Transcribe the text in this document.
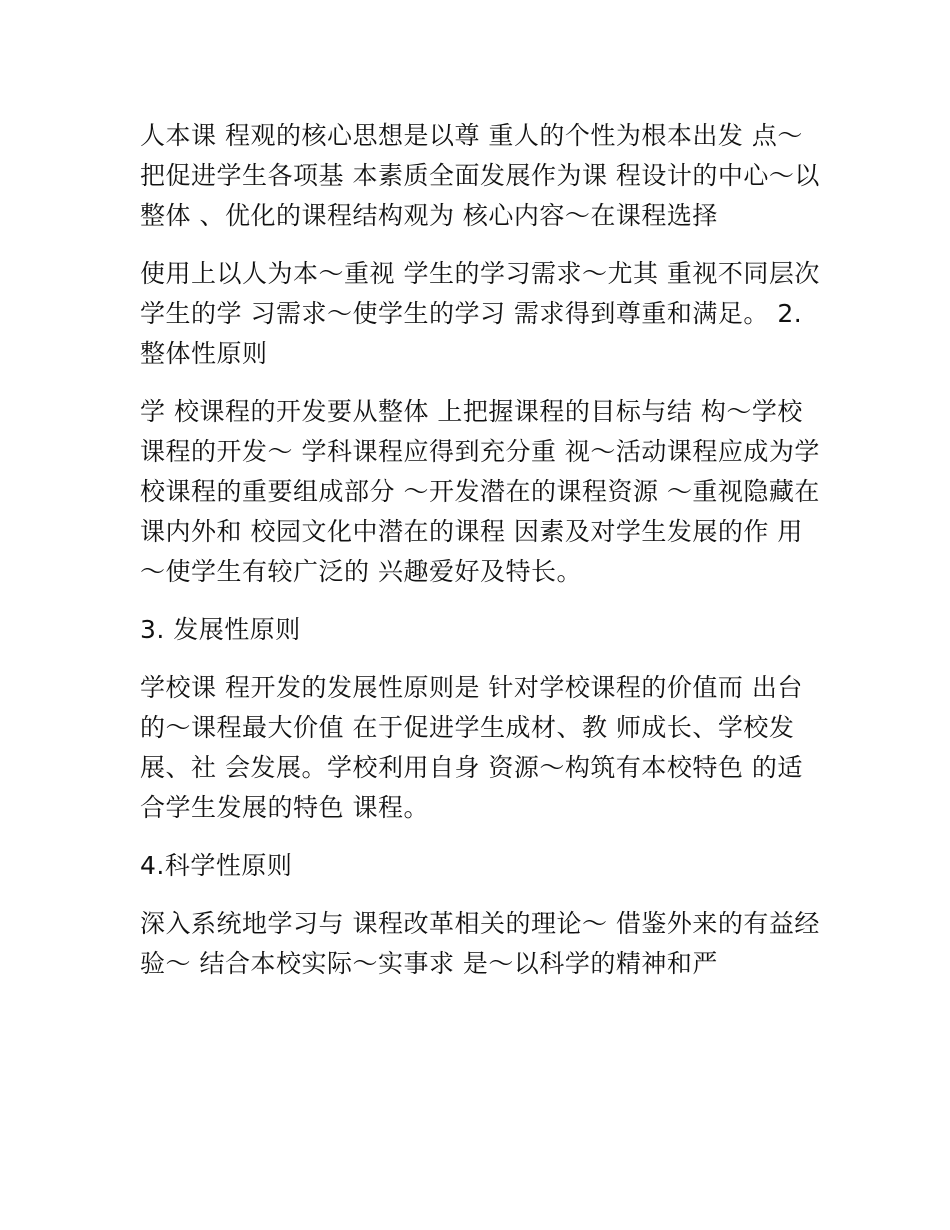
人本课 程观的核心思想是以尊 重人的个性为根本出发 点～把促进学生各项基 本素质全面发展作为课 程设计的中心～以整体 、优化的课程结构观为 核心内容～在课程选择

使用上以人为本～重视 学生的学习需求～尤其 重视不同层次学生的学 习需求～使学生的学习 需求得到尊重和满足。 2.整体性原则

学 校课程的开发要从整体 上把握课程的目标与结 构～学校课程的开发～ 学科课程应得到充分重 视～活动课程应成为学 校课程的重要组成部分 ～开发潜在的课程资源 ～重视隐藏在课内外和 校园文化中潜在的课程 因素及对学生发展的作 用～使学生有较广泛的 兴趣爱好及特长。

3. 发展性原则

学校课 程开发的发展性原则是 针对学校课程的价值而 出台的～课程最大价值 在于促进学生成材、教 师成长、学校发展、社 会发展。学校利用自身 资源～构筑有本校特色 的适合学生发展的特色 课程。

4.科学性原则

深入系统地学习与 课程改革相关的理论～ 借鉴外来的有益经验～ 结合本校实际～实事求 是～以科学的精神和严
